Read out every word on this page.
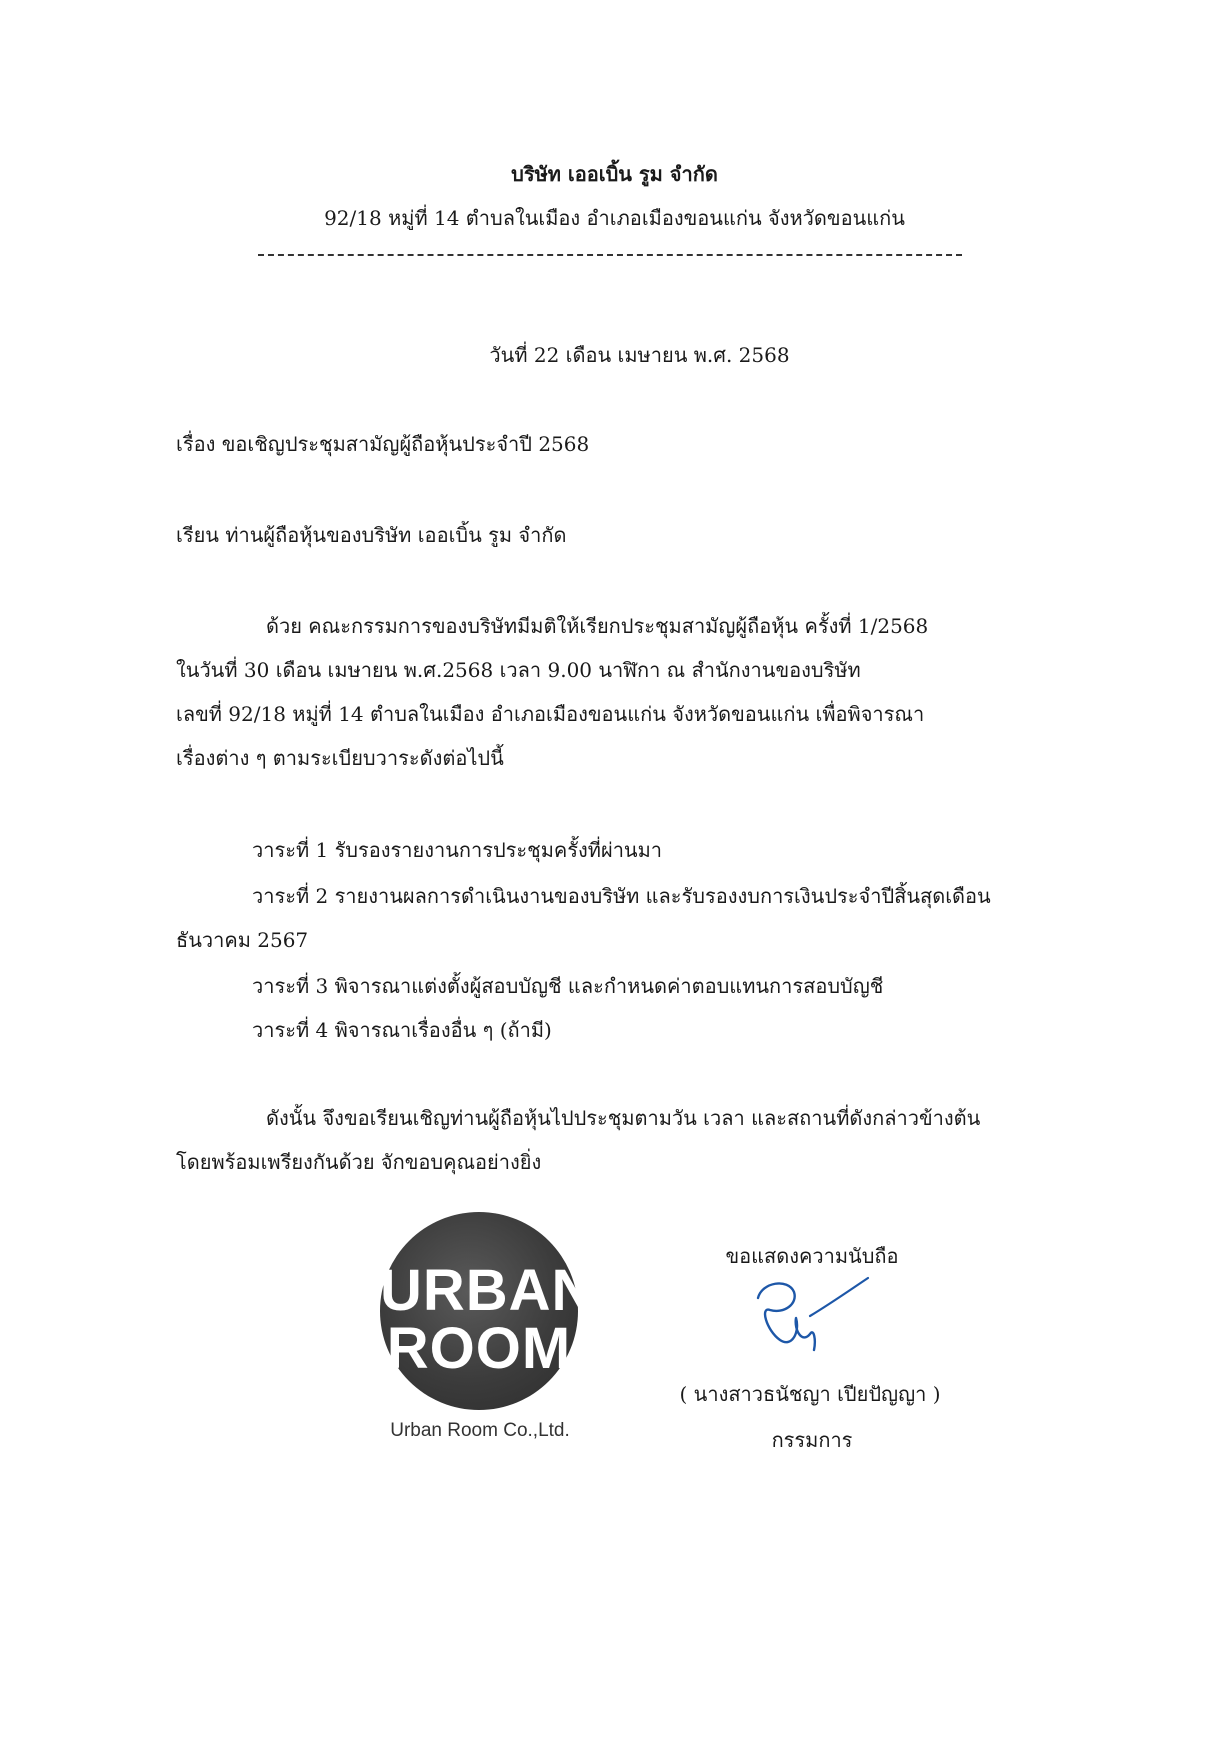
บริษัท เออเบิ้น รูม จำกัด
92/18 หมู่ที่ 14 ตำบลในเมือง อำเภอเมืองขอนแก่น จังหวัดขอนแก่น
วันที่ 22 เดือน เมษายน พ.ศ. 2568
เรื่อง ขอเชิญประชุมสามัญผู้ถือหุ้นประจำปี 2568
เรียน ท่านผู้ถือหุ้นของบริษัท เออเบิ้น รูม จำกัด
ด้วย คณะกรรมการของบริษัทมีมติให้เรียกประชุมสามัญผู้ถือหุ้น ครั้งที่ 1/2568
ในวันที่ 30 เดือน เมษายน พ.ศ.2568 เวลา 9.00 นาฬิกา ณ สำนักงานของบริษัท
เลขที่ 92/18 หมู่ที่ 14 ตำบลในเมือง อำเภอเมืองขอนแก่น จังหวัดขอนแก่น เพื่อพิจารณา
เรื่องต่าง ๆ ตามระเบียบวาระดังต่อไปนี้
วาระที่ 1 รับรองรายงานการประชุมครั้งที่ผ่านมา
วาระที่ 2 รายงานผลการดำเนินงานของบริษัท และรับรองงบการเงินประจำปีสิ้นสุดเดือน
ธันวาคม 2567
วาระที่ 3 พิจารณาแต่งตั้งผู้สอบบัญชี และกำหนดค่าตอบแทนการสอบบัญชี
วาระที่ 4 พิจารณาเรื่องอื่น ๆ (ถ้ามี)
ดังนั้น จึงขอเรียนเชิญท่านผู้ถือหุ้นไปประชุมตามวัน เวลา และสถานที่ดังกล่าวข้างต้น
โดยพร้อมเพรียงกันด้วย จักขอบคุณอย่างยิ่ง
URBAN
ROOM
Urban Room Co.,Ltd.
ขอแสดงความนับถือ
( นางสาวธนัชญา เปียปัญญา )
กรรมการ
